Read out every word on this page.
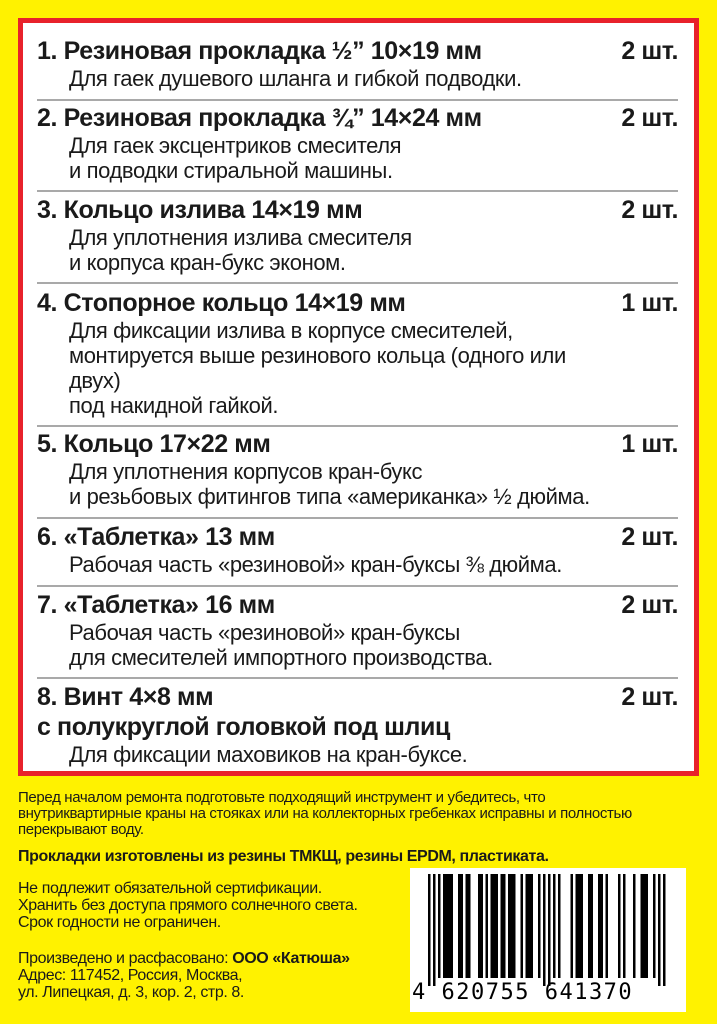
1. Резиновая прокладка ½” 10×19 мм	2 шт.
Для гаек душевого шланга и гибкой подводки.
2. Резиновая прокладка ¾” 14×24 мм	2 шт.
Для гаек эксцентриков смесителя
и подводки стиральной машины.
3. Кольцо излива 14×19 мм	2 шт.
Для уплотнения излива смесителя
и корпуса кран-букс эконом.
4. Стопорное кольцо 14×19 мм	1 шт.
Для фиксации излива в корпусе смесителей,
монтируется выше резинового кольца (одного или
двух)
под накидной гайкой.
5. Кольцо 17×22 мм	1 шт.
Для уплотнения корпусов кран-букс
и резьбовых фитингов типа «американка» ½ дюйма.
6. «Таблетка» 13 мм	2 шт.
Рабочая часть «резиновой» кран-буксы ⅜ дюйма.
7. «Таблетка» 16 мм	2 шт.
Рабочая часть «резиновой» кран-буксы
для смесителей импортного производства.
8. Винт 4×8 мм	2 шт.
с полукруглой головкой под шлиц
Для фиксации маховиков на кран-буксе.
Перед началом ремонта подготовьте подходящий инструмент и убедитесь, что
внутриквартирные краны на стояках или на коллекторных гребенках исправны и полностью
перекрывают воду.
Прокладки изготовлены из резины ТМКЩ, резины EPDM, пластиката.
Не подлежит обязательной сертификации.
Хранить без доступа прямого солнечного света.
Срок годности не ограничен.
Произведено и расфасовано: ООО «Катюша»
Адрес: 117452, Россия, Москва,
ул. Липецкая, д. 3, кор. 2, стр. 8.	4 620755 641370
